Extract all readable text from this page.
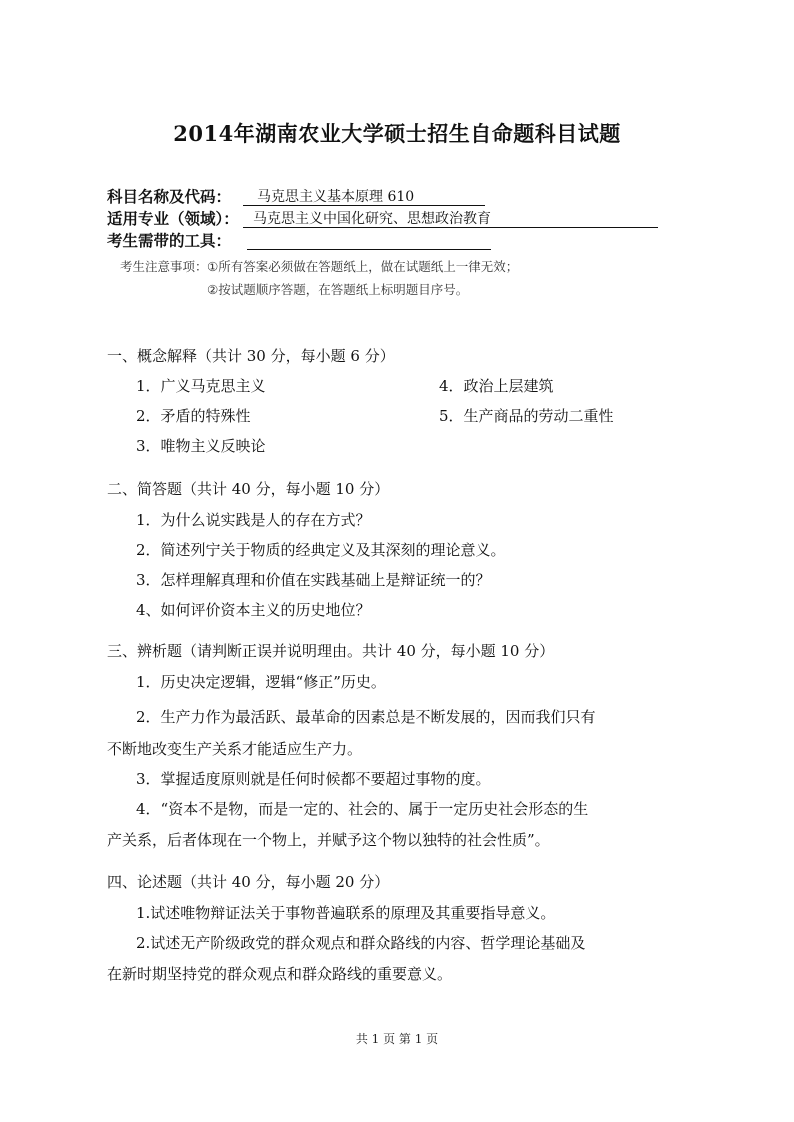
2014年湖南农业大学硕士招生自命题科目试题
科目名称及代码：	马克思主义基本原理 610
适用专业（领域）：	马克思主义中国化研究、思想政治教育
考生需带的工具：
考生注意事项： ①所有答案必须做在答题纸上，做在试题纸上一律无效；
②按试题顺序答题，在答题纸上标明题目序号。
一、概念解释（共计 30 分，每小题 6 分）
1．广义马克思主义
2．矛盾的特殊性
3．唯物主义反映论
4．政治上层建筑
5．生产商品的劳动二重性
二、简答题（共计 40 分，每小题 10 分）
1．为什么说实践是人的存在方式？
2．简述列宁关于物质的经典定义及其深刻的理论意义。
3．怎样理解真理和价值在实践基础上是辩证统一的？
4、如何评价资本主义的历史地位？
三、辨析题（请判断正误并说明理由。共计 40 分，每小题 10 分）
1．历史决定逻辑，逻辑“修正”历史。
2．生产力作为最活跃、最革命的因素总是不断发展的，因而我们只有
不断地改变生产关系才能适应生产力。
3．掌握适度原则就是任何时候都不要超过事物的度。
4．“资本不是物，而是一定的、社会的、属于一定历史社会形态的生
产关系，后者体现在一个物上，并赋予这个物以独特的社会性质”。
四、论述题（共计 40 分，每小题 20 分）
1.试述唯物辩证法关于事物普遍联系的原理及其重要指导意义。
2.试述无产阶级政党的群众观点和群众路线的内容、哲学理论基础及
在新时期坚持党的群众观点和群众路线的重要意义。
共 1 页 第 1 页
